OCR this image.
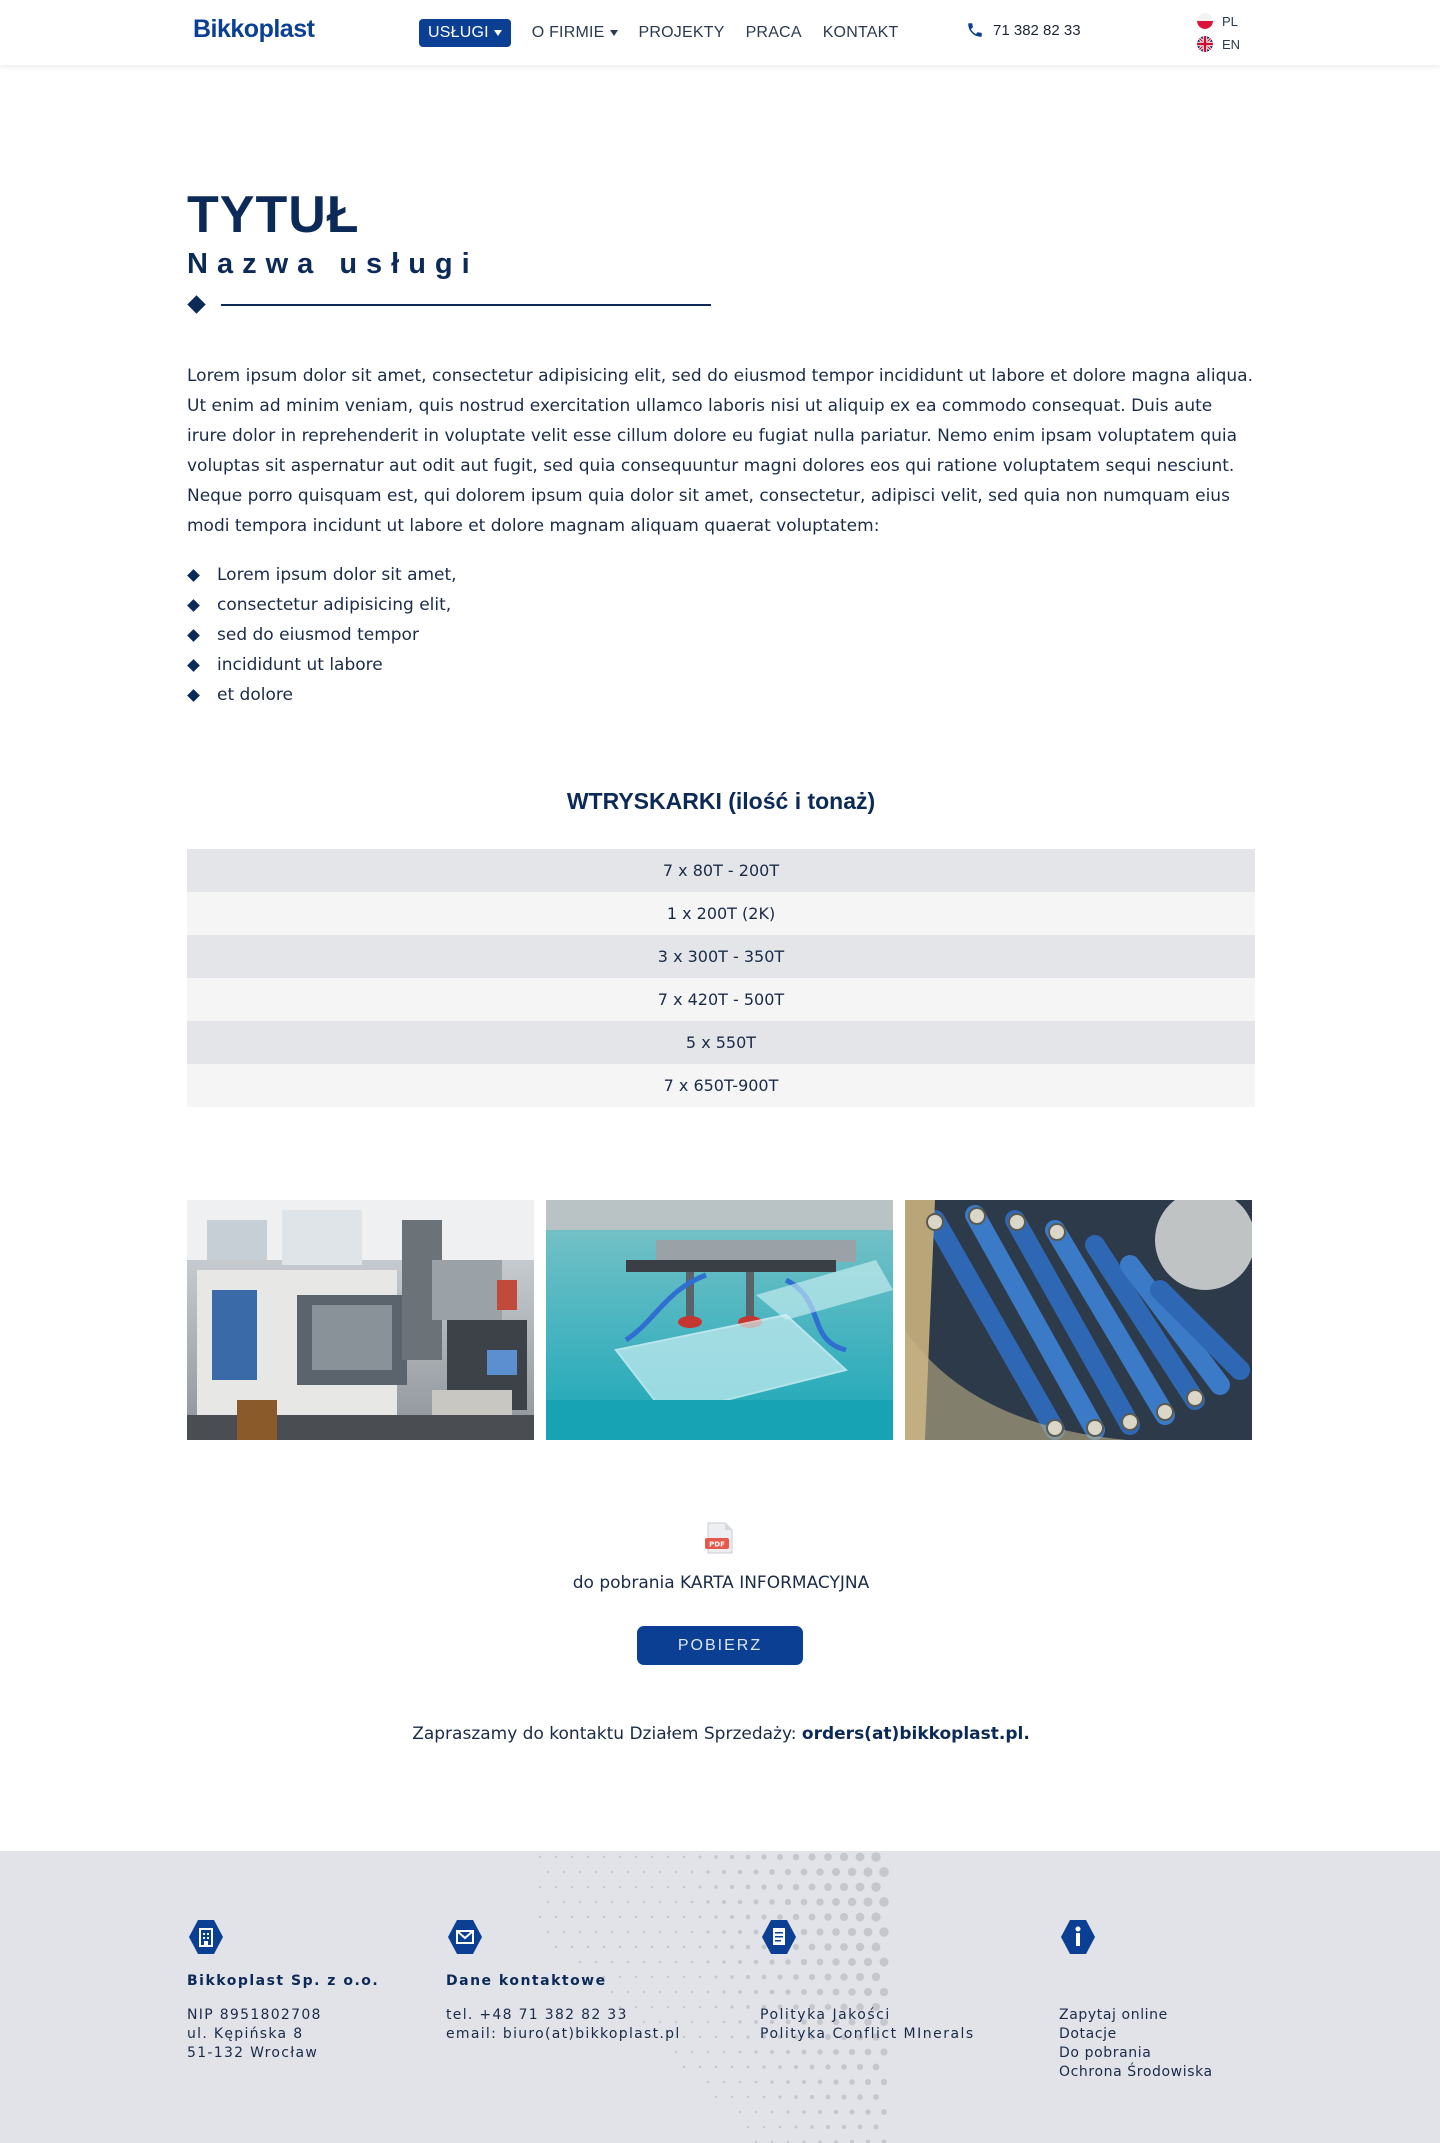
Bikkoplast	USŁUGI	O FIRMIE PROJEKTY PRACA KONTAKT	71 382 82 33
PL
EN
TYTUŁ
Nazwa usługi

Lorem ipsum dolor sit amet, consectetur adipisicing elit, sed do eiusmod tempor incididunt ut labore et dolore magna aliqua. Ut enim ad minim veniam, quis nostrud exercitation ullamco laboris nisi ut aliquip ex ea commodo consequat. Duis aute irure dolor in reprehenderit in voluptate velit esse cillum dolore eu fugiat nulla pariatur. Nemo enim ipsam voluptatem quia voluptas sit aspernatur aut odit aut fugit, sed quia consequuntur magni dolores eos qui ratione voluptatem sequi nesciunt. Neque porro quisquam est, qui dolorem ipsum quia dolor sit amet, consectetur, adipisci velit, sed quia non numquam eius modi tempora incidunt ut labore et dolore magnam aliquam quaerat voluptatem:

Lorem ipsum dolor sit amet,
consectetur adipisicing elit,
sed do eiusmod tempor
incididunt ut labore
et dolore
WTRYSKARKI (ilość i tonaż)
7 x 80T - 200T
1 x 200T (2K)
3 x 300T - 350T
7 x 420T - 500T
5 x 550T
7 x 650T-900T
PDF

do pobrania KARTA INFORMACYJNA

POBIERZ

Zapraszamy do kontaktu Działem Sprzedaży: orders(at)bikkoplast.pl.

Bikkoplast Sp. z o.o.
NIP 8951802708
ul. Kępińska 8
51-132 Wrocław
Dane kontaktowe
tel. +48 71 382 82 33
email: biuro(at)bikkoplast.pl
Polityka Jakości
Polityka Conflict MInerals
Zapytaj online
Dotacje
Do pobrania
Ochrona Środowiska
